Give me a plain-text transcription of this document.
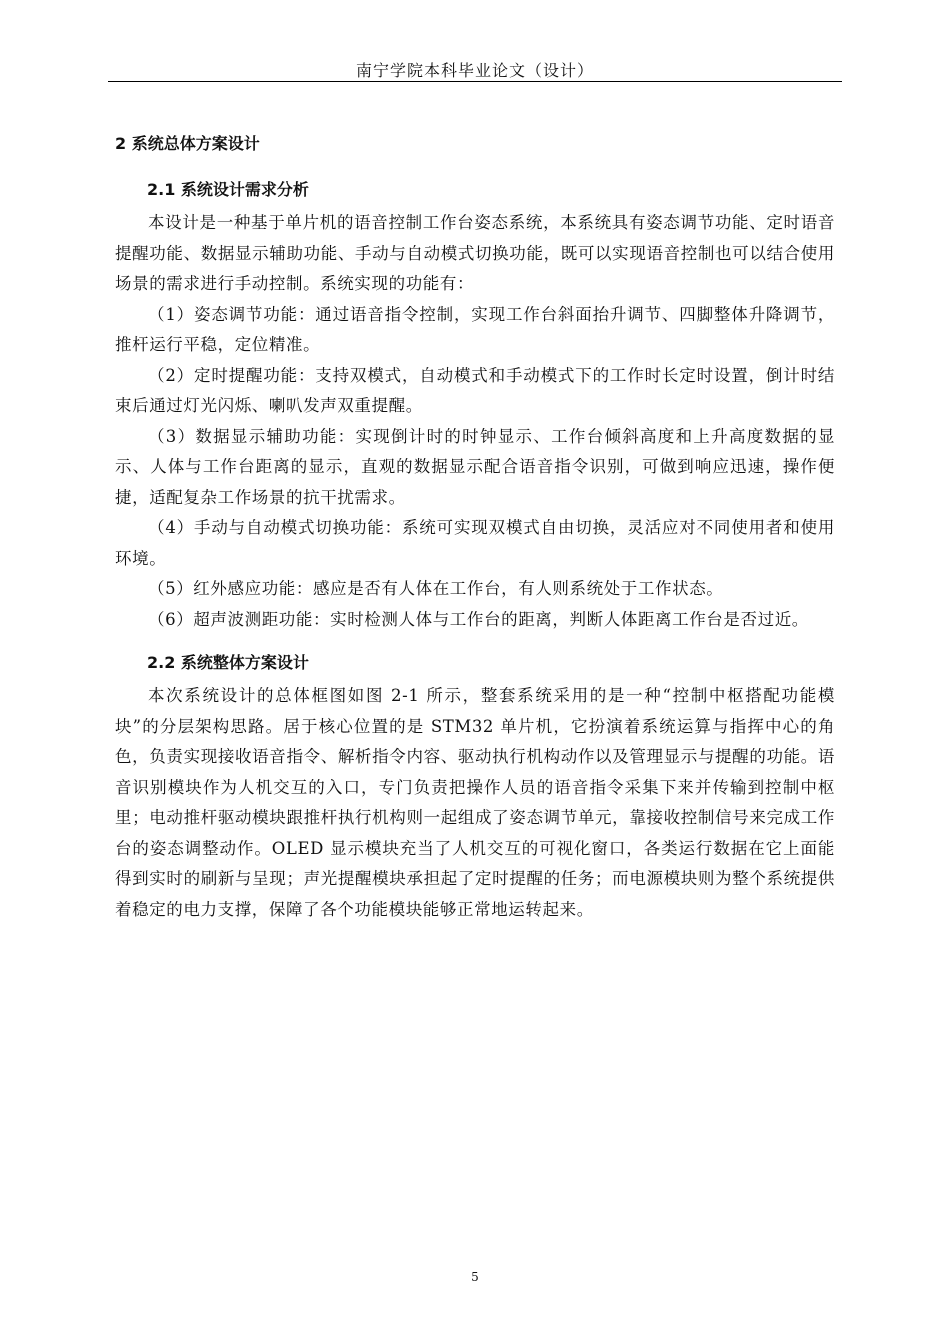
南宁学院本科毕业论文（设计）
2 系统总体方案设计
2.1 系统设计需求分析

本设计是一种基于单片机的语音控制工作台姿态系统，本系统具有姿态调节功能、定时语音提醒功能、数据显示辅助功能、手动与自动模式切换功能，既可以实现语音控制也可以结合使用场景的需求进行手动控制。系统实现的功能有：

（1）姿态调节功能：通过语音指令控制，实现工作台斜面抬升调节、四脚整体升降调节，推杆运行平稳，定位精准。

（2）定时提醒功能：支持双模式，自动模式和手动模式下的工作时长定时设置，倒计时结束后通过灯光闪烁、喇叭发声双重提醒。

（3）数据显示辅助功能：实现倒计时的时钟显示、工作台倾斜高度和上升高度数据的显示、人体与工作台距离的显示，直观的数据显示配合语音指令识别，可做到响应迅速，操作便捷，适配复杂工作场景的抗干扰需求。

（4）手动与自动模式切换功能：系统可实现双模式自由切换，灵活应对不同使用者和使用环境。

（5）红外感应功能：感应是否有人体在工作台，有人则系统处于工作状态。

（6）超声波测距功能：实时检测人体与工作台的距离，判断人体距离工作台是否过近。

2.2 系统整体方案设计

本次系统设计的总体框图如图 2-1 所示，整套系统采用的是一种“控制中枢搭配功能模块”的分层架构思路。居于核心位置的是 STM32 单片机，它扮演着系统运算与指挥中心的角色，负责实现接收语音指令、解析指令内容、驱动执行机构动作以及管理显示与提醒的功能。语音识别模块作为人机交互的入口，专门负责把操作人员的语音指令采集下来并传输到控制中枢里；电动推杆驱动模块跟推杆执行机构则一起组成了姿态调节单元，靠接收控制信号来完成工作台的姿态调整动作。OLED 显示模块充当了人机交互的可视化窗口，各类运行数据在它上面能得到实时的刷新与呈现；声光提醒模块承担起了定时提醒的任务；而电源模块则为整个系统提供着稳定的电力支撑，保障了各个功能模块能够正常地运转起来。

5
